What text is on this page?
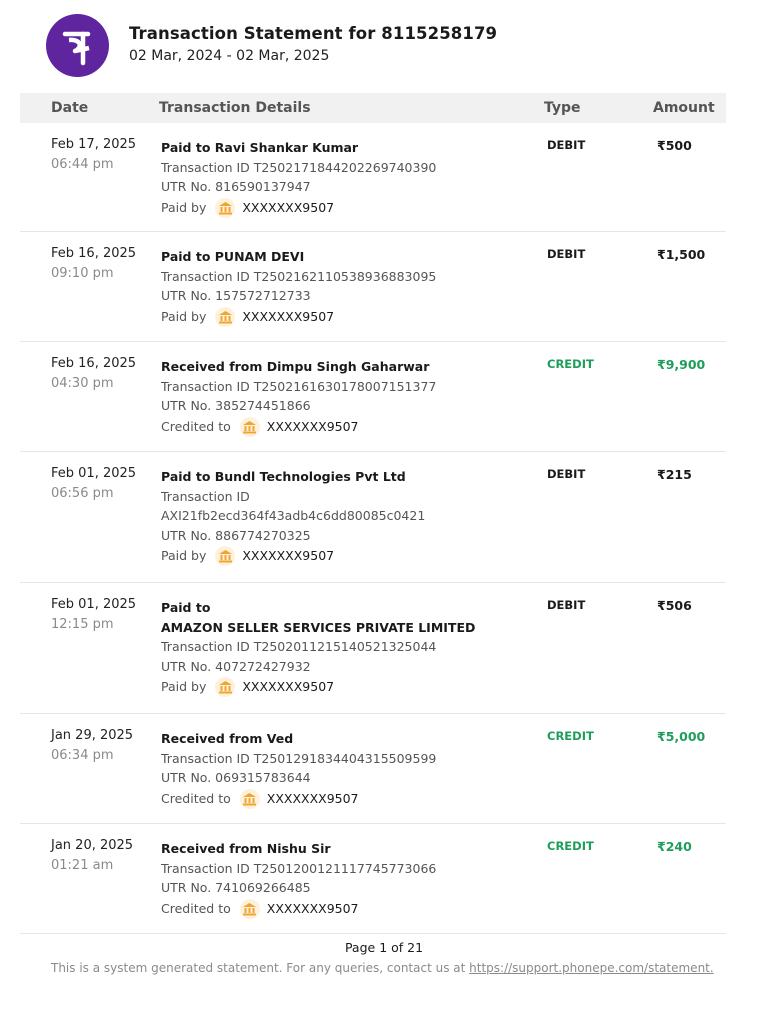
Transaction Statement for 8115258179
02 Mar, 2024 - 02 Mar, 2025
Date	Transaction Details	Type	Amount
Feb 17, 2025
06:44 pm
Paid to Ravi Shankar Kumar
Transaction ID T2502171844202269740390
UTR No. 816590137947
Paid by	XXXXXXX9507
DEBIT	₹500
Feb 16, 2025
09:10 pm
Paid to PUNAM DEVI
Transaction ID T2502162110538936883095
UTR No. 157572712733
Paid by	XXXXXXX9507
DEBIT	₹1,500
Feb 16, 2025
04:30 pm
Received from Dimpu Singh Gaharwar
Transaction ID T2502161630178007151377
UTR No. 385274451866
Credited to	XXXXXXX9507
CREDIT	₹9,900
Feb 01, 2025
06:56 pm
Paid to Bundl Technologies Pvt Ltd
Transaction ID
AXI21fb2ecd364f43adb4c6dd80085c0421
UTR No. 886774270325
Paid by	XXXXXXX9507
DEBIT	₹215
Feb 01, 2025
12:15 pm
Paid to
AMAZON SELLER SERVICES PRIVATE LIMITED
Transaction ID T2502011215140521325044
UTR No. 407272427932
Paid by	XXXXXXX9507
DEBIT	₹506
Jan 29, 2025
06:34 pm
Received from Ved
Transaction ID T2501291834404315509599
UTR No. 069315783644
Credited to	XXXXXXX9507
CREDIT	₹5,000
Jan 20, 2025
01:21 am
Received from Nishu Sir
Transaction ID T2501200121117745773066
UTR No. 741069266485
Credited to	XXXXXXX9507
CREDIT	₹240
Page 1 of 21
This is a system generated statement. For any queries, contact us at https://support.phonepe.com/statement.
